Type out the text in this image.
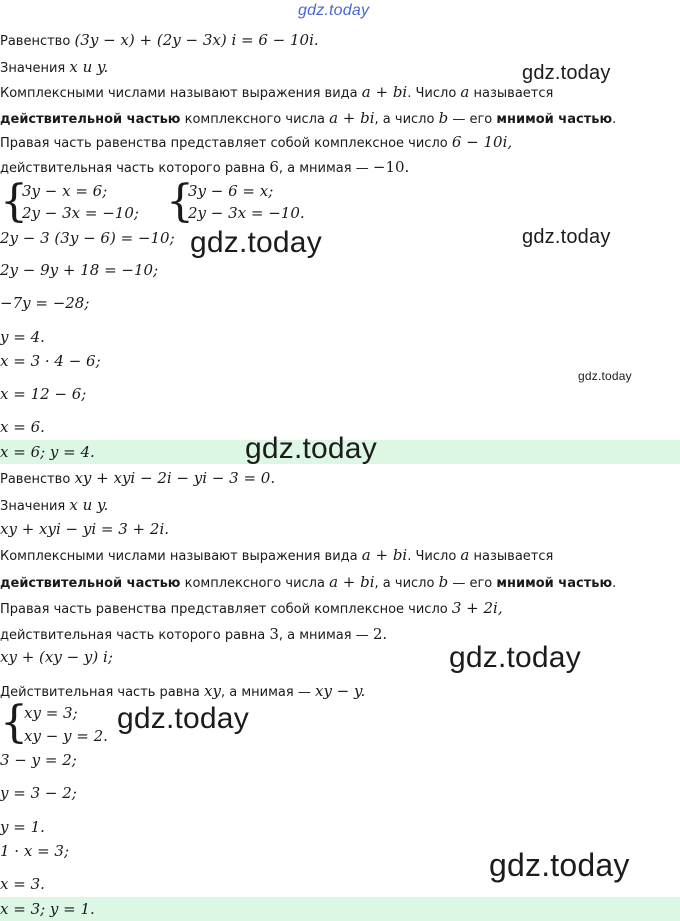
gdz.today
gdz.today
gdz.today	gdz.today
gdz.today
gdz.today
gdz.today
gdz.today
gdz.today
Равенство (3y − x) + (2y − 3x) i = 6 − 10i.
Значения x и y.
Комплексными числами называют выражения вида a + bi. Число a называется
действительной частью комплексного числа a + bi, а число b — его мнимой частью.
Правая часть равенства представляет собой комплексное число 6 − 10i,
действительная часть которого равна 6, а мнимая — −10.
{
3y − x = 6;
2y − 3x = −10; {
3y − 6 = x;
2y − 3x = −10.
2y − 3 (3y − 6) = −10;
2y − 9y + 18 = −10;
−7y = −28;
y = 4.
x = 3 · 4 − 6;
x = 12 − 6;
x = 6.
x = 6; y = 4.
Равенство xy + xyi − 2i − yi − 3 = 0.
Значения x и y.
xy + xyi − yi = 3 + 2i.
Комплексными числами называют выражения вида a + bi. Число a называется
действительной частью комплексного числа a + bi, а число b — его мнимой частью.
Правая часть равенства представляет собой комплексное число 3 + 2i,
действительная часть которого равна 3, а мнимая — 2.
xy + (xy − y) i;
Действительная часть равна xy, а мнимая — xy − y.
{
xy = 3;
xy − y = 2.
3 − y = 2;
y = 3 − 2;
y = 1.
1 · x = 3;
x = 3.
x = 3; y = 1.
